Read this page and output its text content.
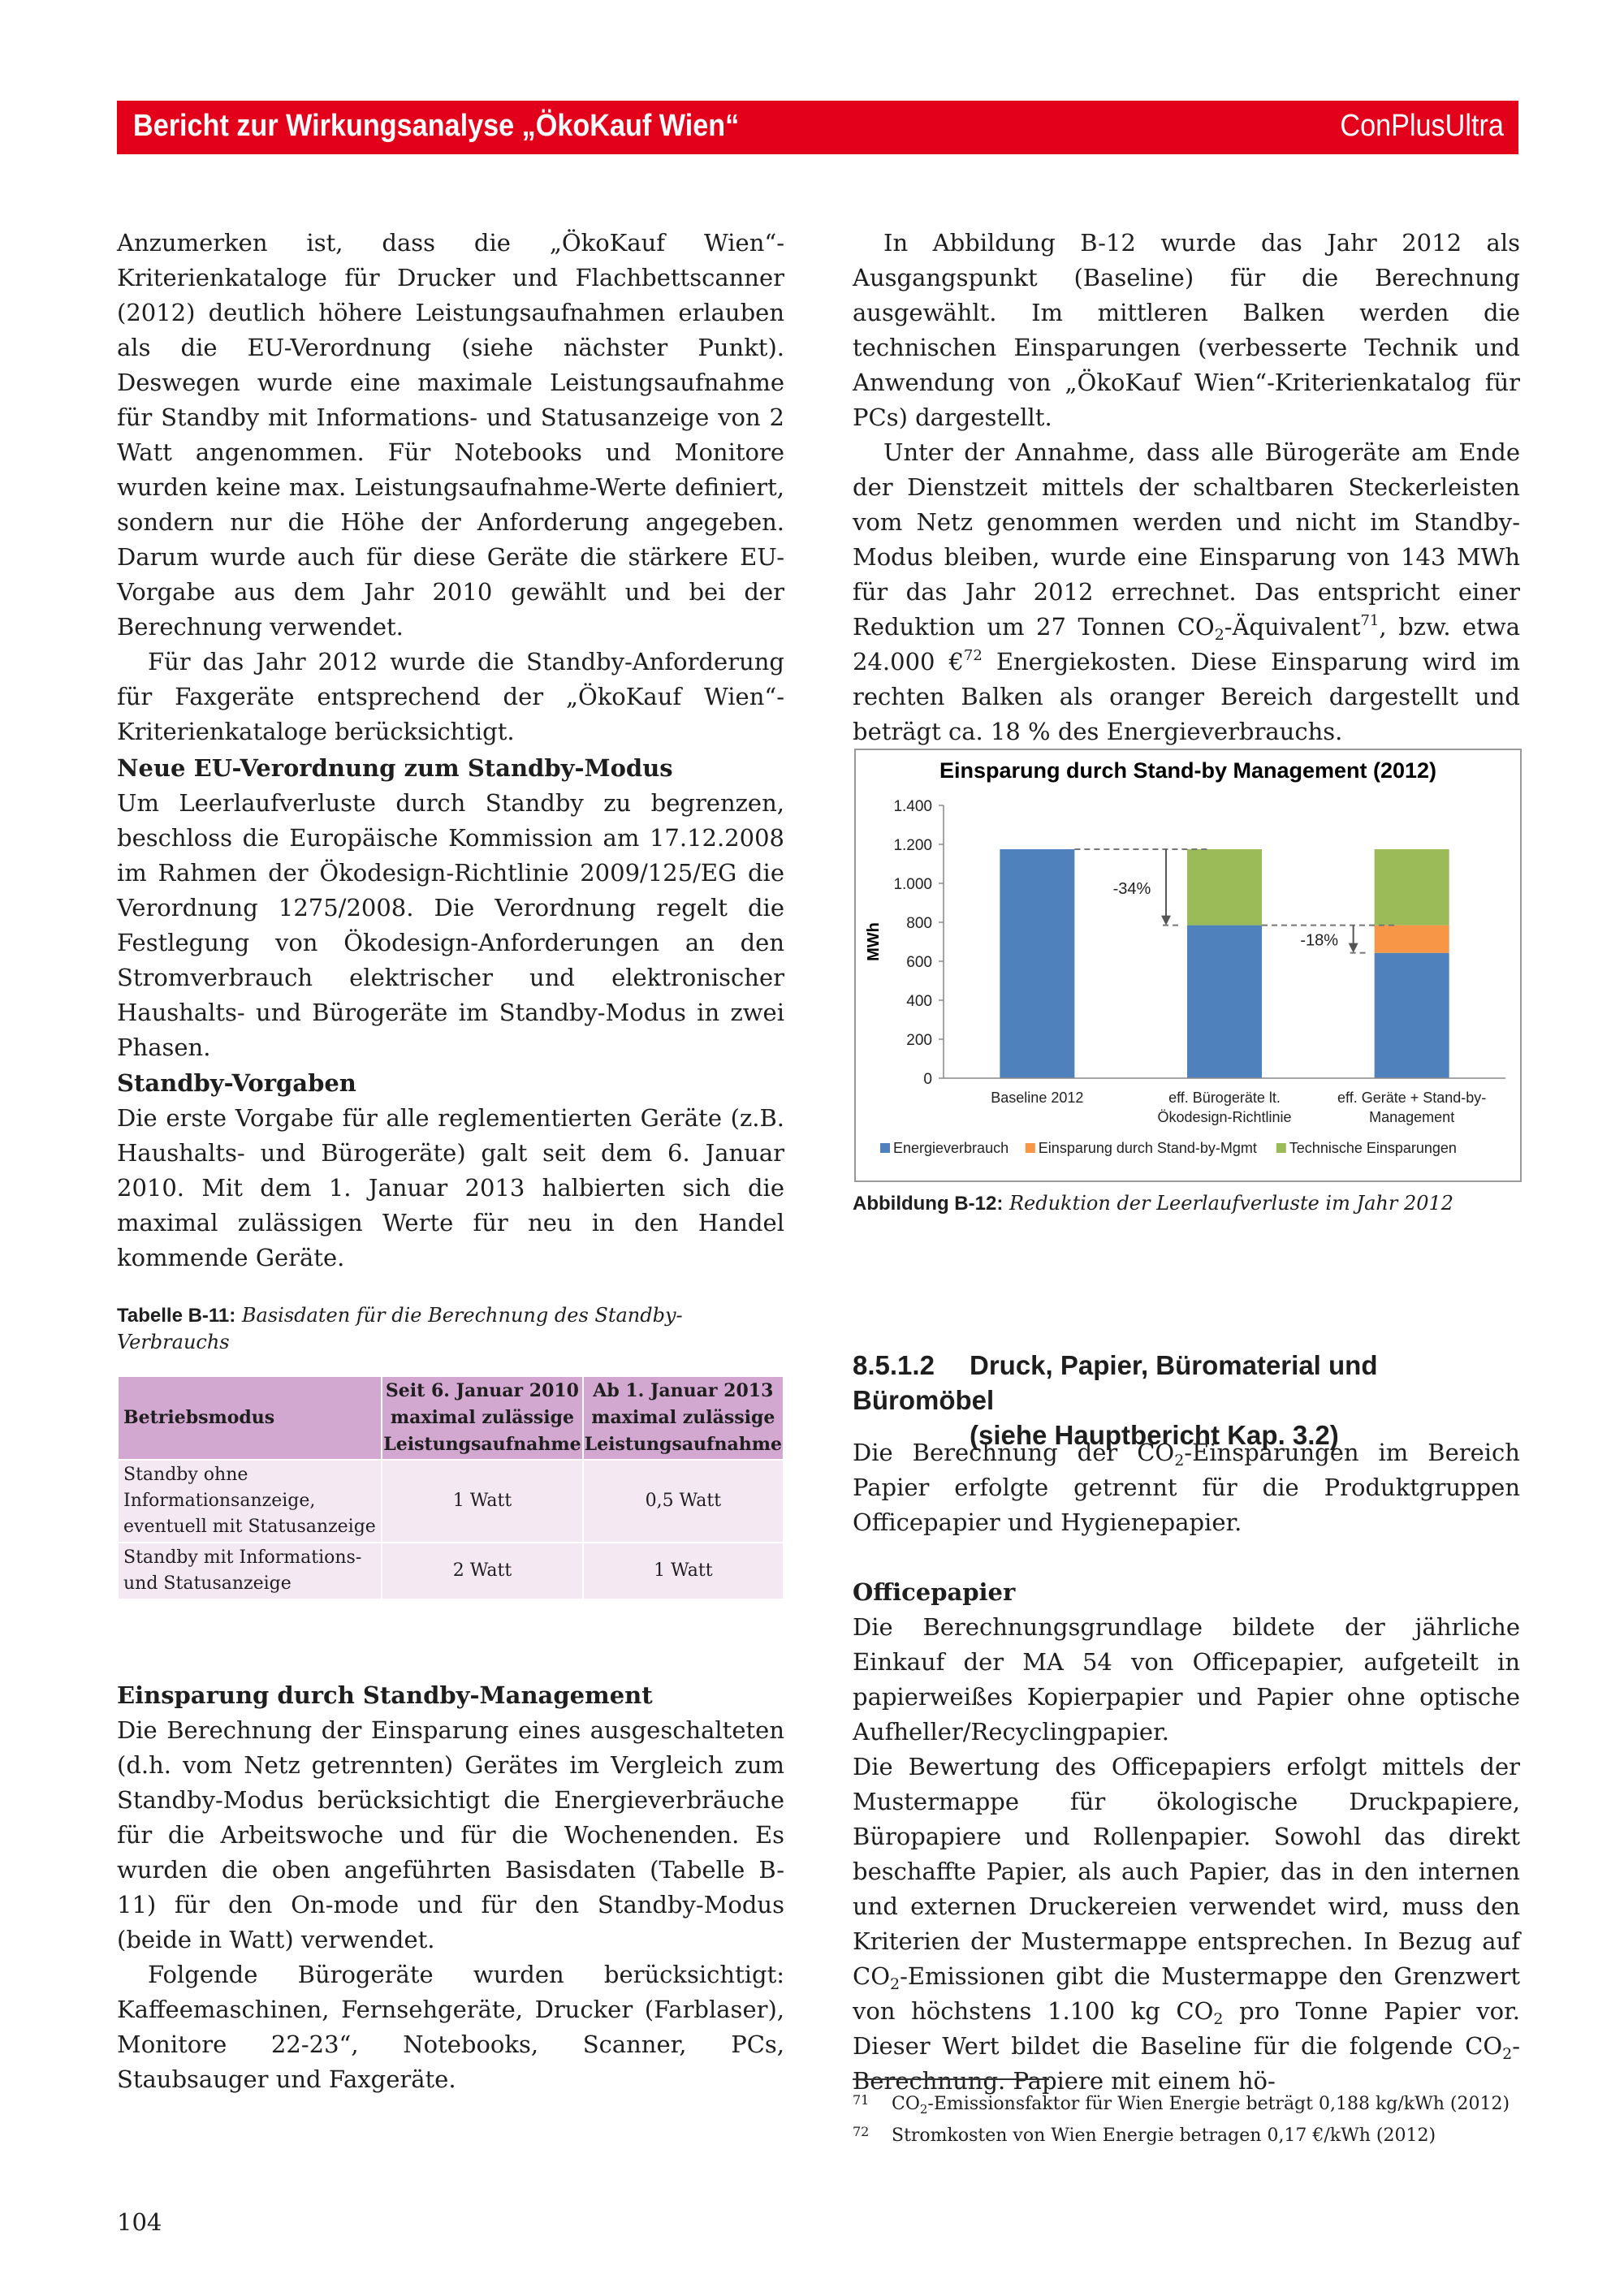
Bericht zur Wirkungsanalyse „ÖkoKauf Wien“	ConPlusUltra

Anzumerken ist, dass die „ÖkoKauf Wien“-Kriterienkataloge für Drucker und Flachbettscanner (2012) deutlich höhere Leistungsaufnahmen erlauben als die EU-Verordnung (siehe nächster Punkt). Deswegen wurde eine maximale Leistungsaufnahme für Standby mit Informations- und Statusanzeige von 2 Watt angenommen. Für Notebooks und Monitore wurden keine max. Leistungsaufnahme-Werte definiert, sondern nur die Höhe der Anforderung angegeben. Darum wurde auch für diese Geräte die stärkere EU-Vorgabe aus dem Jahr 2010 gewählt und bei der Berechnung verwendet.

Für das Jahr 2012 wurde die Standby-Anforderung für Faxgeräte entsprechend der „ÖkoKauf Wien“-Kriterienkataloge berücksichtigt.

Neue EU-Verordnung zum Standby-Modus

Um Leerlaufverluste durch Standby zu begrenzen, beschloss die Europäische Kommission am 17.12.2008 im Rahmen der Ökodesign-Richtlinie 2009/125/EG die Verordnung 1275/2008. Die Verordnung regelt die Festlegung von Ökodesign-Anforderungen an den Stromverbrauch elektrischer und elektronischer Haushalts- und Bürogeräte im Standby-Modus in zwei Phasen.

Standby-Vorgaben

Die erste Vorgabe für alle reglementierten Geräte (z.B. Haushalts- und Bürogeräte) galt seit dem 6. Januar 2010. Mit dem 1. Januar 2013 halbierten sich die maximal zulässigen Werte für neu in den Handel kommende Geräte.

Tabelle B-11: Basisdaten für die Berechnung des Standby-Verbrauchs
Betriebsmodus	Seit 6. Januar 2010 maximal zulässige Leistungsaufnahme	Ab 1. Januar 2013 maximal zulässige Leistungsaufnahme
Standby ohne Informationsanzeige, eventuell mit Statusanzeige	1 Watt	0,5 Watt
Standby mit Informations- und Statusanzeige	2 Watt	1 Watt

Einsparung durch Standby-Management

Die Berechnung der Einsparung eines ausgeschalteten (d.h. vom Netz getrennten) Gerätes im Vergleich zum Standby-Modus berücksichtigt die Energieverbräuche für die Arbeitswoche und für die Wochenenden. Es wurden die oben angeführten Basisdaten (Tabelle B-11) für den On-mode und für den Standby-Modus (beide in Watt) verwendet.

Folgende Bürogeräte wurden berücksichtigt: Kaffeemaschinen, Fernsehgeräte, Drucker (Farblaser), Monitore 22-23“, Notebooks, Scanner, PCs, Staubsauger und Faxgeräte.

104

In Abbildung B-12 wurde das Jahr 2012 als Ausgangspunkt (Baseline) für die Berechnung ausgewählt. Im mittleren Balken werden die technischen Einsparungen (verbesserte Technik und Anwendung von „ÖkoKauf Wien“-Kriterienkatalog für PCs) dargestellt.

Unter der Annahme, dass alle Bürogeräte am Ende der Dienstzeit mittels der schaltbaren Steckerleisten vom Netz genommen werden und nicht im Standby-Modus bleiben, wurde eine Einsparung von 143 MWh für das Jahr 2012 errechnet. Das entspricht einer Reduktion um 27 Tonnen $CO_2-Äquivalent^{71}$, bzw. etwa 24.000 €$^{72}$ Energiekosten. Diese Einsparung wird im rechten Balken als oranger Bereich dargestellt und beträgt ca. 18 % des Energieverbrauchs.

Einsparung durch Stand-by Management (2012)
MWh
-34%
-18%
0
200
400
600
800
1.000
1.200
1.400
Baseline 2012	eff. Bürogeräte lt.
Ökodesign-Richtlinie
eff. Geräte + Stand-by-
Management
Energieverbrauch Einsparung durch Stand-by-Mgmt Technische Einsparungen
Abbildung B-12: Reduktion der Leerlaufverluste im Jahr 2012
8.5.1.2 Druck, Papier, Büromaterial und Büromöbel
(siehe Hauptbericht Kap. 3.2)

Die Berechnung der $CO_2$-Einsparungen im Bereich Papier erfolgte getrennt für die Produktgruppen Officepapier und Hygienepapier.

Officepapier

Die Berechnungsgrundlage bildete der jährliche Einkauf der MA 54 von Officepapier, aufgeteilt in papierweißes Kopierpapier und Papier ohne optische Aufheller/Recyclingpapier.

Die Bewertung des Officepapiers erfolgt mittels der Mustermappe für ökologische Druckpapiere, Büropapiere und Rollenpapier. Sowohl das direkt beschaffte Papier, als auch Papier, das in den internen und externen Druckereien verwendet wird, muss den Kriterien der Mustermappe entsprechen. In Bezug auf $CO_2$-Emissionen gibt die Mustermappe den Grenzwert von höchstens 1.100 kg $CO_2$ pro Tonne Papier vor. Dieser Wert bildet die Baseline für die folgende $CO_2$-Berechnung. Papiere mit einem hö-

71 $CO_2$-Emissionsfaktor für Wien Energie beträgt 0,188 kg/kWh (2012)
72 Stromkosten von Wien Energie betragen 0,17 €/kWh (2012)
